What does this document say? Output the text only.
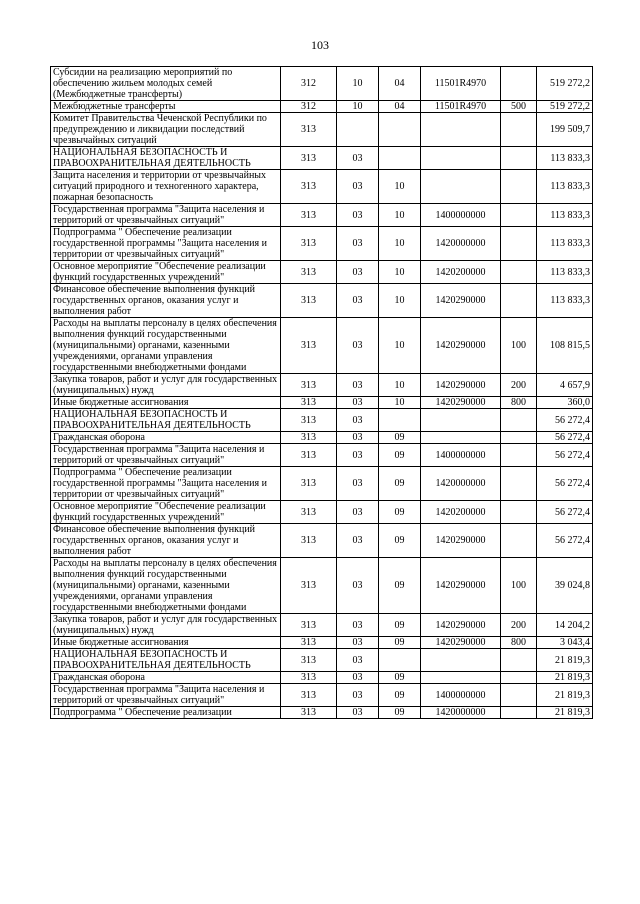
103
Субсидии на реализацию мероприятий по обеспечению жильем молодых семей (Межбюджетные трансферты)	312	10	04	11501R4970		519 272,2
Межбюджетные трансферты	312	10	04	11501R4970	500	519 272,2
Комитет Правительства Чеченской Республики по предупреждению и ликвидации последствий чрезвычайных ситуаций	313					199 509,7
НАЦИОНАЛЬНАЯ БЕЗОПАСНОСТЬ И ПРАВООХРАНИТЕЛЬНАЯ ДЕЯТЕЛЬНОСТЬ	313	03				113 833,3
Защита населения и территории от чрезвычайных ситуаций природного и техногенного характера, пожарная безопасность	313	03	10			113 833,3
Государственная программа "Защита населения и территорий от чрезвычайных ситуаций"	313	03	10	1400000000		113 833,3
Подпрограмма " Обеспечение реализации государственной программы "Защита населения и территории от чрезвычайных ситуаций"	313	03	10	1420000000		113 833,3
Основное мероприятие "Обеспечение реализации функций государственных учреждений"	313	03	10	1420200000		113 833,3
Финансовое обеспечение выполнения функций государственных органов, оказания услуг и выполнения работ	313	03	10	1420290000		113 833,3
Расходы на выплаты персоналу в целях обеспечения выполнения функций государственными (муниципальными) органами, казенными учреждениями, органами управления государственными внебюджетными фондами	313	03	10	1420290000	100	108 815,5
Закупка товаров, работ и услуг для государственных (муниципальных) нужд	313	03	10	1420290000	200	4 657,9
Иные бюджетные ассигнования	313	03	10	1420290000	800	360,0
НАЦИОНАЛЬНАЯ БЕЗОПАСНОСТЬ И ПРАВООХРАНИТЕЛЬНАЯ ДЕЯТЕЛЬНОСТЬ	313	03				56 272,4
Гражданская оборона	313	03	09			56 272,4
Государственная программа "Защита населения и территорий от чрезвычайных ситуаций"	313	03	09	1400000000		56 272,4
Подпрограмма " Обеспечение реализации государственной программы "Защита населения и территории от чрезвычайных ситуаций"	313	03	09	1420000000		56 272,4
Основное мероприятие "Обеспечение реализации функций государственных учреждений"	313	03	09	1420200000		56 272,4
Финансовое обеспечение выполнения функций государственных органов, оказания услуг и выполнения работ	313	03	09	1420290000		56 272,4
Расходы на выплаты персоналу в целях обеспечения выполнения функций государственными (муниципальными) органами, казенными учреждениями, органами управления государственными внебюджетными фондами	313	03	09	1420290000	100	39 024,8
Закупка товаров, работ и услуг для государственных (муниципальных) нужд	313	03	09	1420290000	200	14 204,2
Иные бюджетные ассигнования	313	03	09	1420290000	800	3 043,4
НАЦИОНАЛЬНАЯ БЕЗОПАСНОСТЬ И ПРАВООХРАНИТЕЛЬНАЯ ДЕЯТЕЛЬНОСТЬ	313	03				21 819,3
Гражданская оборона	313	03	09			21 819,3
Государственная программа "Защита населения и территорий от чрезвычайных ситуаций"	313	03	09	1400000000		21 819,3
Подпрограмма " Обеспечение реализации	313	03	09	1420000000		21 819,3
